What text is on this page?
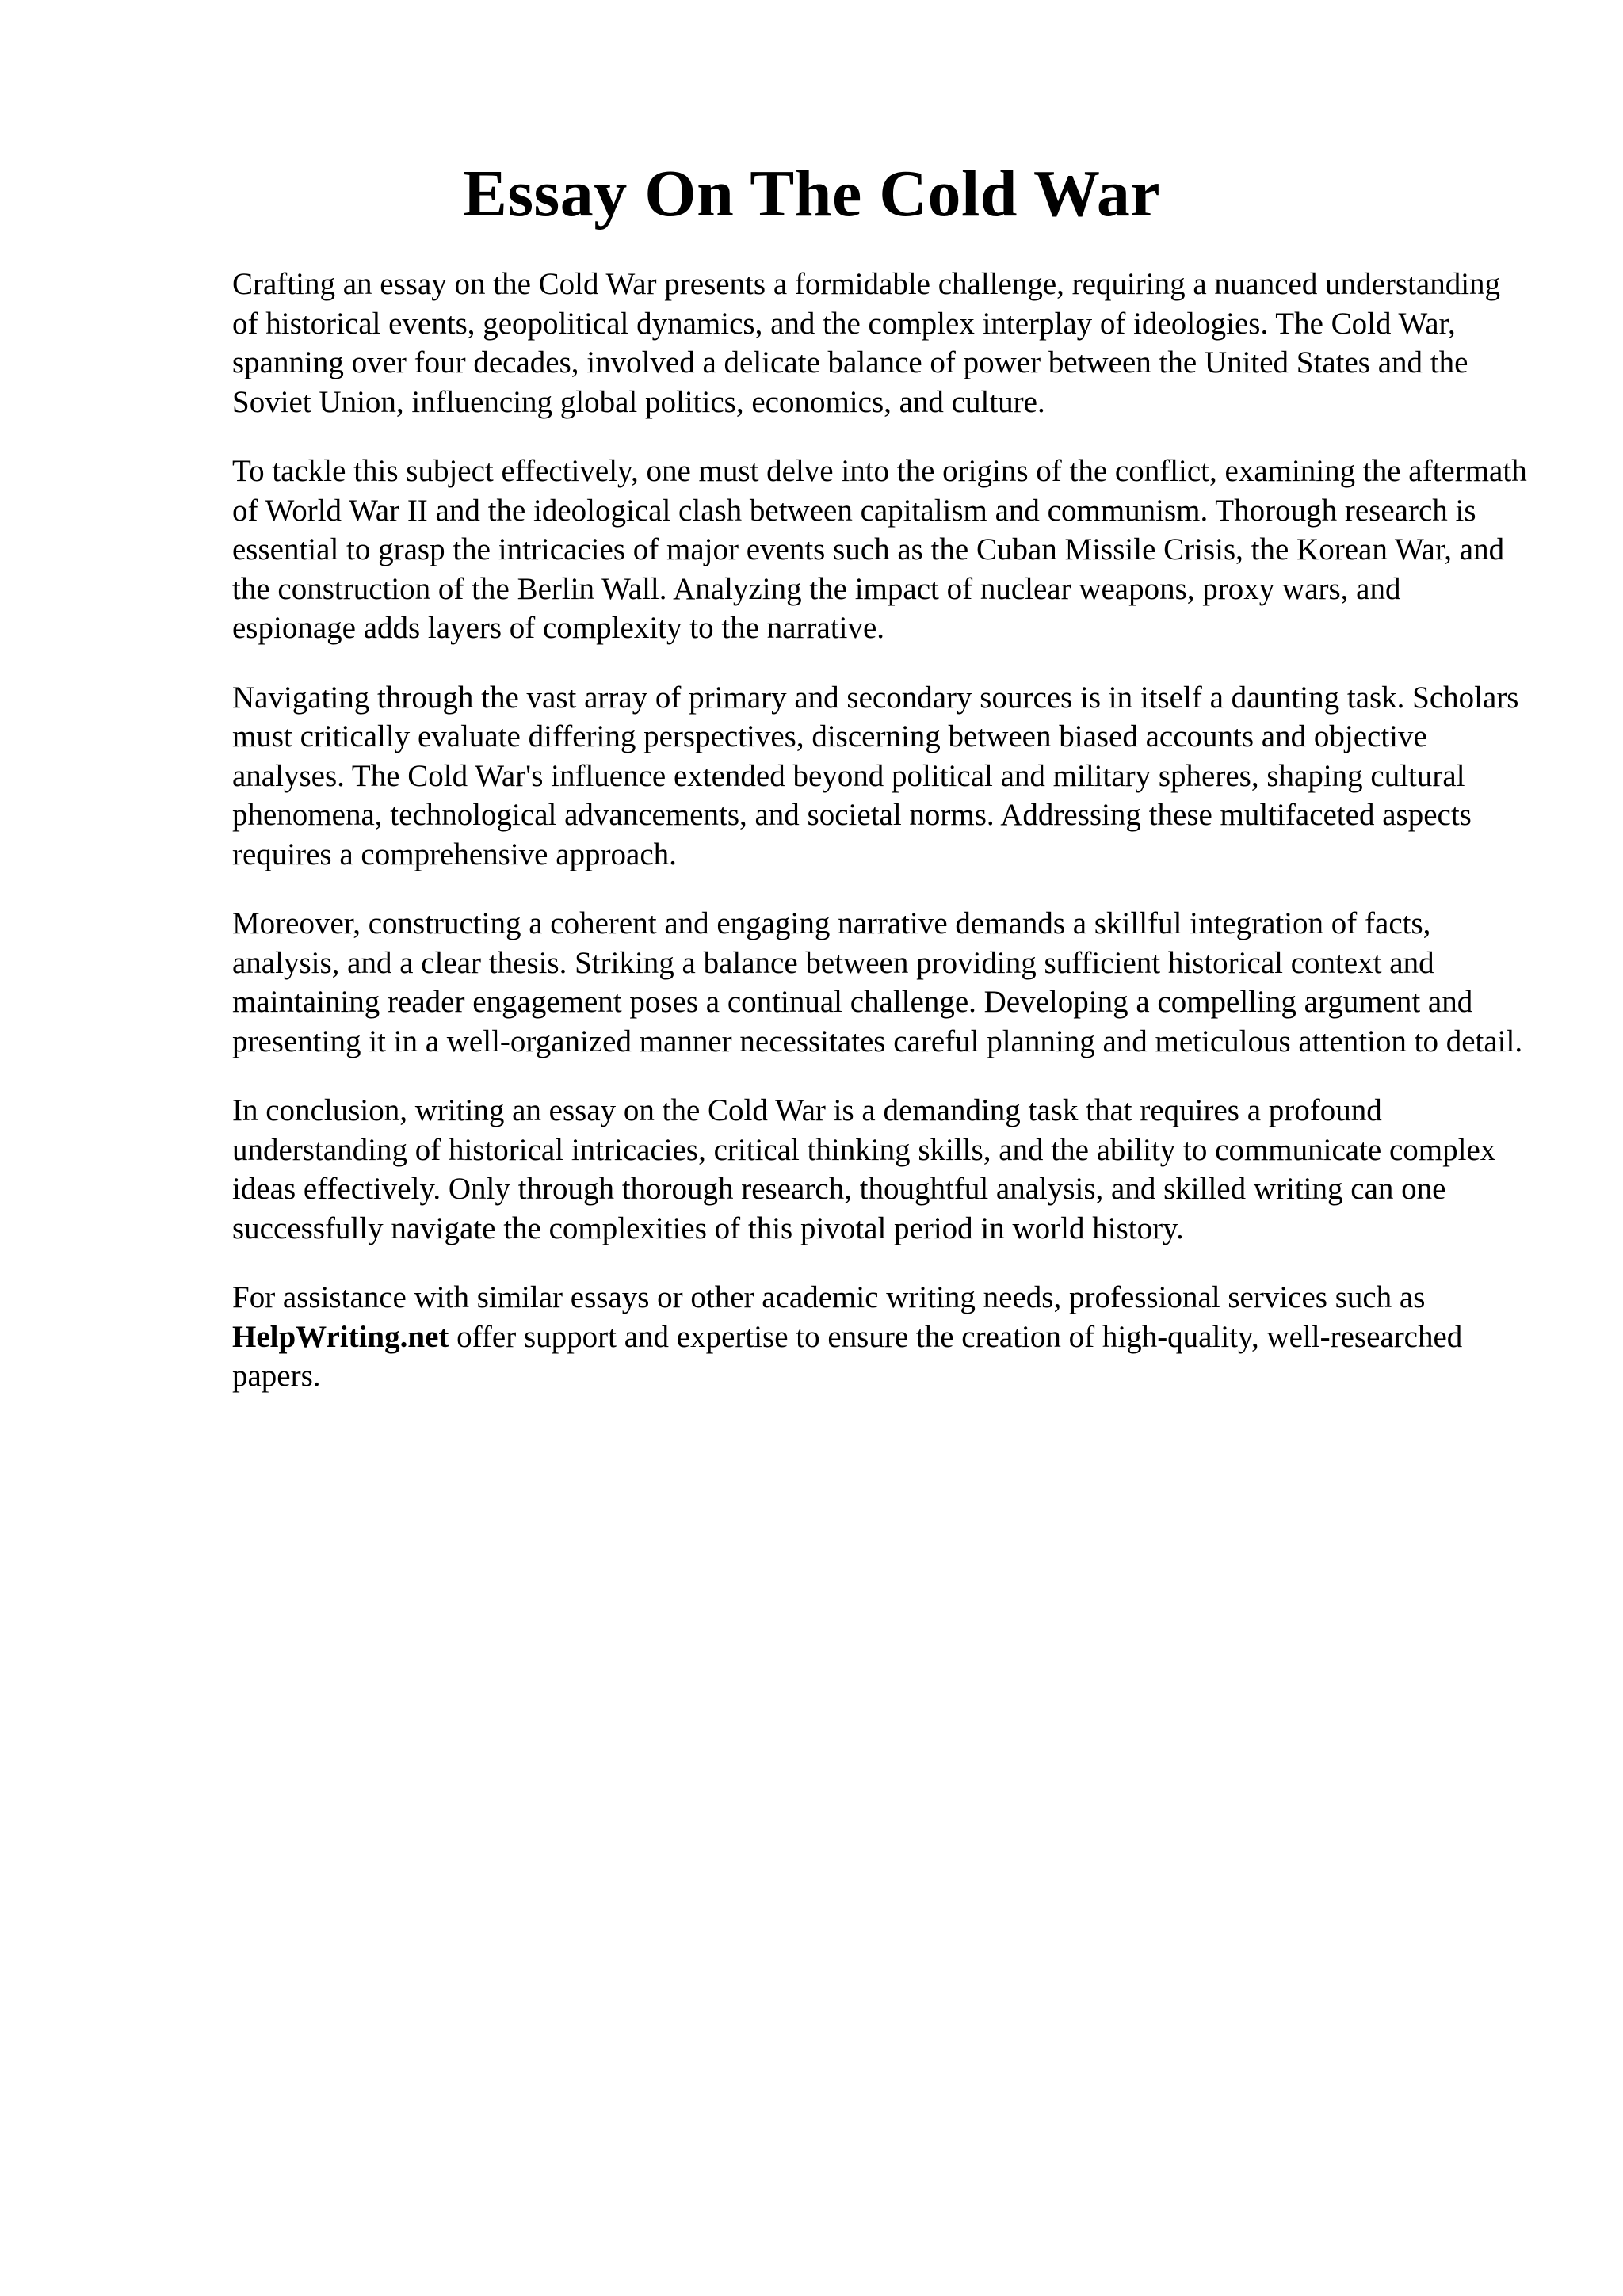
Essay On The Cold War

Crafting an essay on the Cold War presents a formidable challenge, requiring a nuanced understanding of historical events, geopolitical dynamics, and the complex interplay of ideologies. The Cold War, spanning over four decades, involved a delicate balance of power between the United States and the Soviet Union, influencing global politics, economics, and culture.

To tackle this subject effectively, one must delve into the origins of the conflict, examining the aftermath of World War II and the ideological clash between capitalism and communism. Thorough research is essential to grasp the intricacies of major events such as the Cuban Missile Crisis, the Korean War, and the construction of the Berlin Wall. Analyzing the impact of nuclear weapons, proxy wars, and espionage adds layers of complexity to the narrative.

Navigating through the vast array of primary and secondary sources is in itself a daunting task. Scholars must critically evaluate differing perspectives, discerning between biased accounts and objective analyses. The Cold War's influence extended beyond political and military spheres, shaping cultural phenomena, technological advancements, and societal norms. Addressing these multifaceted aspects requires a comprehensive approach.

Moreover, constructing a coherent and engaging narrative demands a skillful integration of facts, analysis, and a clear thesis. Striking a balance between providing sufficient historical context and maintaining reader engagement poses a continual challenge. Developing a compelling argument and presenting it in a well-organized manner necessitates careful planning and meticulous attention to detail.

In conclusion, writing an essay on the Cold War is a demanding task that requires a profound understanding of historical intricacies, critical thinking skills, and the ability to communicate complex ideas effectively. Only through thorough research, thoughtful analysis, and skilled writing can one successfully navigate the complexities of this pivotal period in world history.

For assistance with similar essays or other academic writing needs, professional services such as HelpWriting.net offer support and expertise to ensure the creation of high-quality, well-researched papers.
